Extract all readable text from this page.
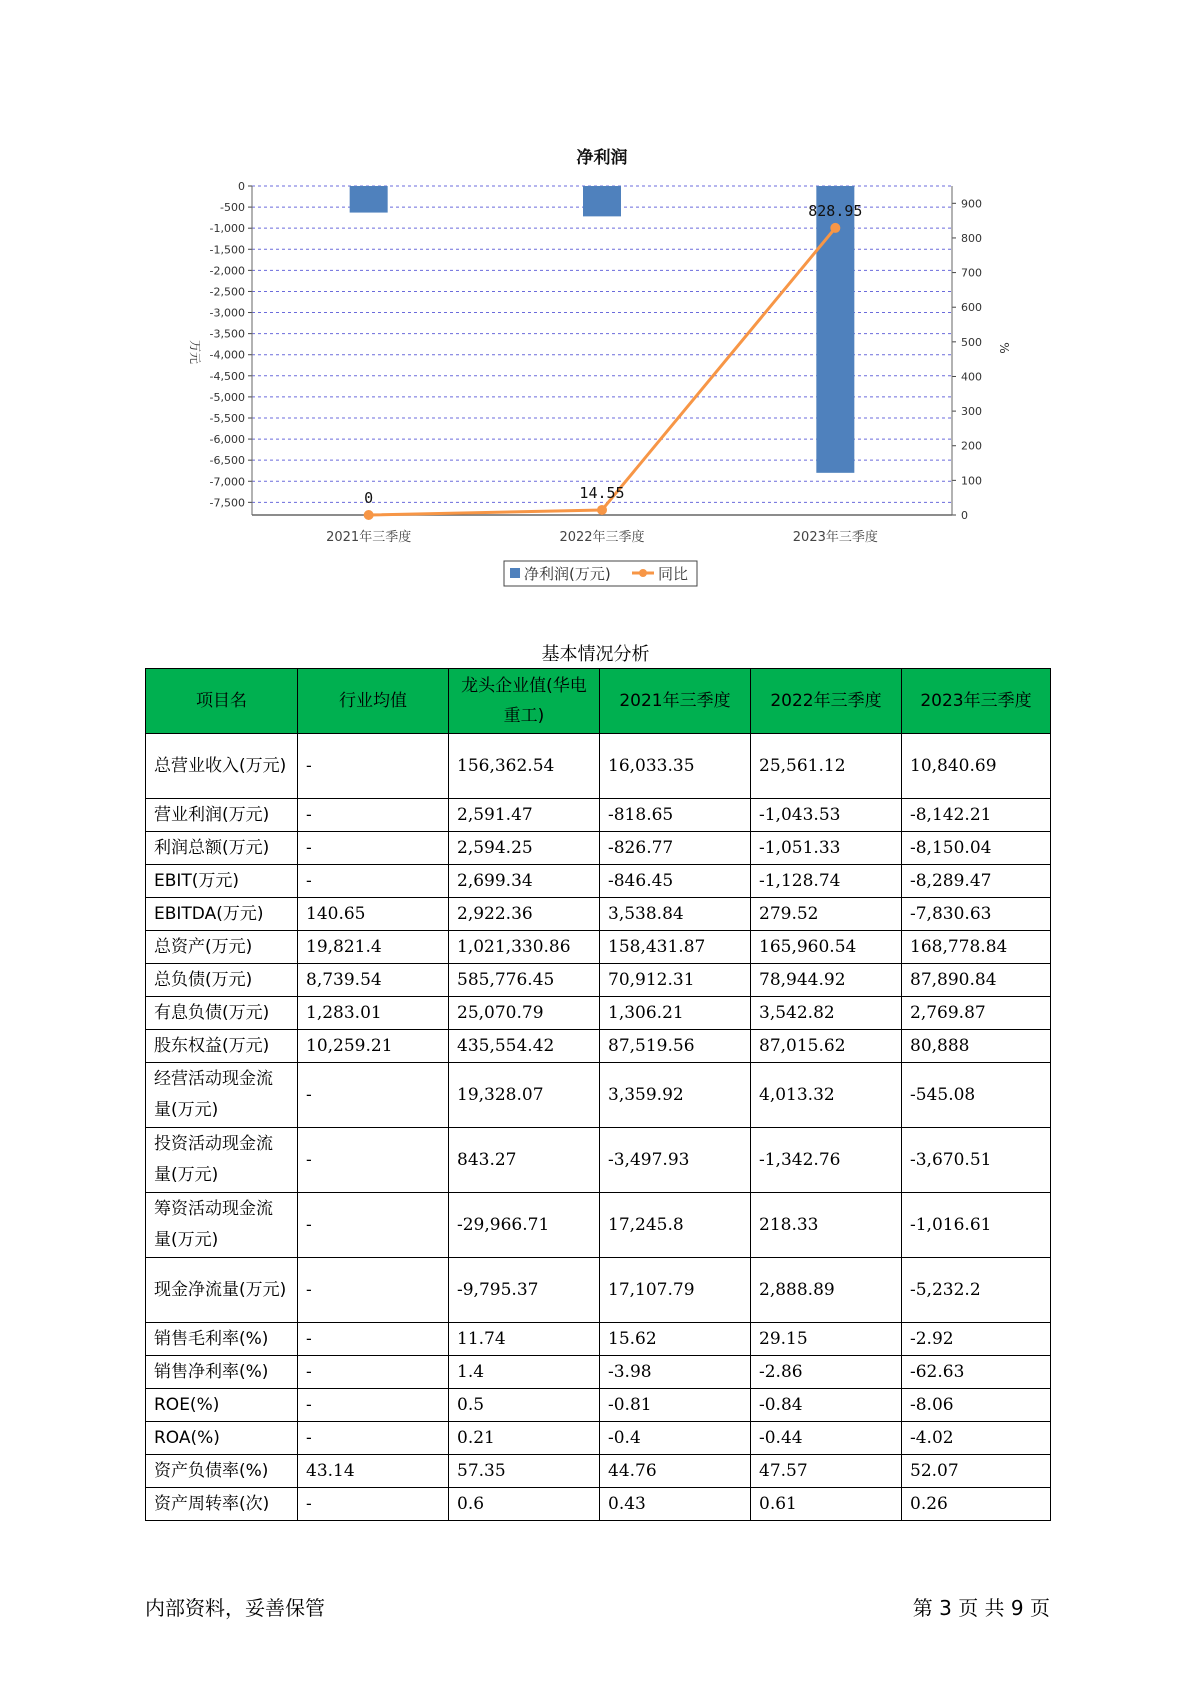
净利润
0
-500
-1,000
-1,500
-2,000
-2,500
-3,000
-3,500
-4,000
-4,500
-5,000
-5,500
-6,000
-6,500
-7,000
-7,500
0
100
200
300
400
500
600
700
800
900
万元	%
2021年三季度	2022年三季度	2023年三季度
0	14.55
828.95
净利润(万元)	同比
基本情况分析
项目名	行业均值	龙头企业值(华电重工)	2021年三季度	2022年三季度	2023年三季度
总营业收入(万元)	-	156,362.54	16,033.35	25,561.12	10,840.69
营业利润(万元)	-	2,591.47	-818.65	-1,043.53	-8,142.21
利润总额(万元)	-	2,594.25	-826.77	-1,051.33	-8,150.04
EBIT(万元)	-	2,699.34	-846.45	-1,128.74	-8,289.47
EBITDA(万元)	140.65	2,922.36	3,538.84	279.52	-7,830.63
总资产(万元)	19,821.4	1,021,330.86	158,431.87	165,960.54	168,778.84
总负债(万元)	8,739.54	585,776.45	70,912.31	78,944.92	87,890.84
有息负债(万元)	1,283.01	25,070.79	1,306.21	3,542.82	2,769.87
股东权益(万元)	10,259.21	435,554.42	87,519.56	87,015.62	80,888
经营活动现金流量(万元)	-	19,328.07	3,359.92	4,013.32	-545.08
投资活动现金流量(万元)	-	843.27	-3,497.93	-1,342.76	-3,670.51
筹资活动现金流量(万元)	-	-29,966.71	17,245.8	218.33	-1,016.61
现金净流量(万元)	-	-9,795.37	17,107.79	2,888.89	-5,232.2
销售毛利率(%)	-	11.74	15.62	29.15	-2.92
销售净利率(%)	-	1.4	-3.98	-2.86	-62.63
ROE(%)	-	0.5	-0.81	-0.84	-8.06
ROA(%)	-	0.21	-0.4	-0.44	-4.02
资产负债率(%)	43.14	57.35	44.76	47.57	52.07
资产周转率(次)	-	0.6	0.43	0.61	0.26
内部资料，妥善保管	第 3 页 共 9 页
